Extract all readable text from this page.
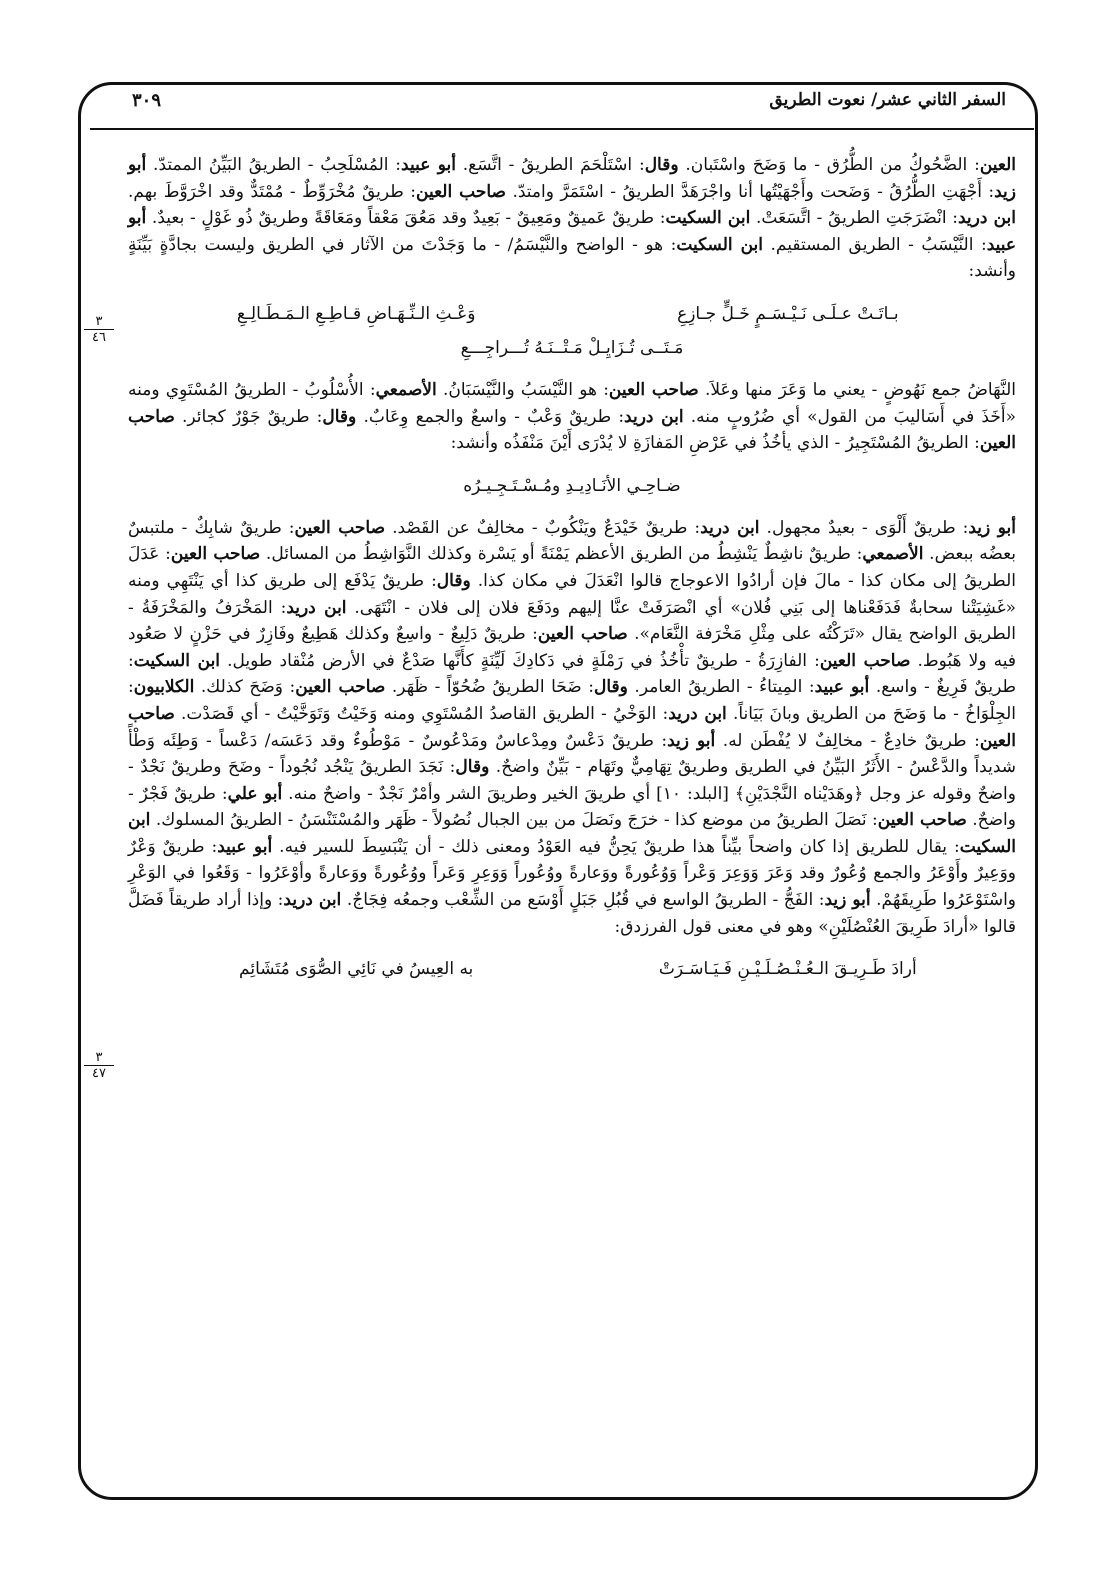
السفر الثاني عشر/ نعوت الطريق
٣٠٩
٣
٤٦
٣
٤٧

العين: الضَّحُوكُ من الطُّرُق - ما وَضَحَ واسْتَبان. وقال: اسْتَلْحَمَ الطريقُ - اتَّسَع. أبو عبيد: المُسْلَحِبُ - الطريقُ البَيِّنُ الممتدّ. أبو زيد: أَجْهَتِ الطُّرُقُ - وَضَحت وأَجْهَيْتُها أنا واجْرَهَدَّ الطريقُ - اسْتَمَرَّ وامتدّ. صاحب العين: طريقٌ مُخْرَوِّطٌ - مُمْتَدٌّ وقد اخْرَوَّطَ بهم. ابن دريد: انْضَرَجَتِ الطريقُ - اتَّسَعَتْ. ابن السكيت: طريقٌ عَميقٌ ومَعِيقٌ - بَعِيدٌ وقد مَعُقَ مَعْقاً ومَعَاقَةً وطريقٌ ذُو غَوْلٍ - بعيدٌ. أبو عبيد: النَّيْسَبُ - الطريق المستقيم. ابن السكيت: هو - الواضح والنَّيْسَمُ/ - ما وَجَدْتَ من الآثار في الطريق وليست بجادَّةٍ بَيِّنَةٍ وأنشد:

بـاتَـتْ عـلَـى نَـيْـسَـمٍ خَـلٍّ جـازِعِ وَعْـثِ الـنِّـهَـاضِ قـاطِـعِ الـمَـطَـالِـعِ
مَـتَــى تُـزَايِـلْ مَـتْــنَـهُ تُـــراجِـــعِ

النَّهَاضُ جمع نَهُوضٍ - يعني ما وَعَرَ منها وعَلاَ. صاحب العين: هو النَّيْسَبُ والنَّيْسَبَانُ. الأصمعي: الأُسْلُوبُ - الطريقُ المُسْتَوِي ومنه «أَخَذَ في أَسَاليبَ من القول» أي ضُرُوبٍ منه. ابن دريد: طريقٌ وَعْبٌ - واسعٌ والجمع وِعَابٌ. وقال: طريقٌ جَوْرٌ كجائر. صاحب العين: الطريقُ المُسْتَجِيرُ - الذي يأخُذُ في عَرْضِ المَفازَةِ لا يُدْرَى أَيْنَ مَنْفَذُه وأنشد:

ضـاحِـي الأنَـادِيـدِ ومُـسْـتَـجِـيـرُه

أبو زيد: طريقٌ أَلْوَى - بعيدٌ مجهول. ابن دريد: طريقٌ خَيْدَعٌ ويَنْكُوبٌ - مخالِفٌ عن القَصْد. صاحب العين: طريقٌ شابِكٌ - ملتبسٌ بعضُه ببعض. الأصمعي: طريقٌ ناشِطٌ يَنْشِطُ من الطريق الأعظم يَمْنَةً أو يَسْرة وكذلك النَّوَاشِطُ من المسائل. صاحب العين: عَدَلَ الطريقُ إلى مكان كذا - مالَ فإن أرادُوا الاعوجاج قالوا انْعَدَلَ في مكان كذا. وقال: طريقٌ يَدْفَع إلى طريق كذا أي يَنْتَهِي ومنه «غَشِيَتْنا سحابةٌ فَدَفَعْناها إلى بَنِي فُلان» أي انْصَرَفَتْ عنَّا إليهم ودَفَعَ فلان إلى فلان - انْتَهَى. ابن دريد: المَخْرَفُ والمَخْرَفَةُ - الطريق الواضح يقال «تَرَكْتُه على مِثْلِ مَخْرَفة النَّعَام». صاحب العين: طريقٌ دَلِيعٌ - واسِعٌ وكذلك هَطِيعٌ وفَازِرٌ في حَزْنٍ لا صَعُود فيه ولا هَبُوط. صاحب العين: الفازِرَةُ - طريقٌ تأْخُذُ في رَمْلَةٍ في دَكادِكَ لَيِّنَةٍ كأَنَّها صَدْعٌ في الأرض مُنْقاد طويل. ابن السكيت: طريقٌ فَرِيغٌ - واسع. أبو عبيد: المِيتاءُ - الطريقُ العامر. وقال: ضَحَا الطريقُ ضُحُوّاً - ظَهَر. صاحب العين: وَضَحَ كذلك. الكلابيون: الجِلْوَاخُ - ما وَضَحَ من الطريق وبانَ بَيَاناً. ابن دريد: الوَخْيُ - الطريق القاصدُ المُسْتَوِي ومنه وَخَيْتُ وَتَوَخَّيْتُ - أي قَصَدْت. صاحب العين: طريقٌ خادِعٌ - مخالِفٌ لا يُفْطَن له. أبو زيد: طريقٌ دَعْسٌ ومِدْعاسٌ ومَدْعُوسٌ - مَوْطُوءٌ وقد دَعَسَه/ دَعْساً - وَطِئَه وَطْأً شديداً والدَّعْسُ - الأَثَرُ البَيِّنُ في الطريق وطريقٌ تِهَامِيٌّ وتَهَام - بَيِّنٌ واضحٌ. وقال: نَجَدَ الطريقُ يَنْجُد نُجُوداً - وضَحَ وطريقٌ نَجْدٌ - واضحٌ وقوله عز وجل ﴿وهَدَيْناه النَّجْدَيْنِ﴾ [البلد: ١٠] أي طريقَ الخير وطريقَ الشر وأمْرٌ نَجْدٌ - واضحٌ منه. أبو علي: طريقٌ فَجْرٌ - واضحٌ. صاحب العين: نَصَلَ الطريقُ من موضع كذا - خرَجَ ونَصَلَ من بين الجبال نُصُولاً - ظَهَر والمُسْتَنْسَنُ - الطريقُ المسلوك. ابن السكيت: يقال للطريق إذا كان واضحاً بيِّناً هذا طريقٌ يَحِنُّ فيه العَوْدُ ومعنى ذلك - أن يَنْبَسِطَ للسير فيه. أبو عبيد: طريقٌ وَعْرٌ ووَعِيرٌ وأَوْعَرُ والجمع وُعُورٌ وقد وَعَرَ وَوَعِرَ وَعْراً وَوُعُورةً ووَعارةً ووُعُوراً وَوَعِرِ وَعَراً ووُعُورةً ووَعارةً وأوْعَرُوا - وَقَعُوا في الوَعْرِ واسْتَوْعَرُوا طَرِيقَهُمْ. أبو زيد: الفَجُّ - الطريقُ الواسع في قُبُلِ جَبَلٍ أَوْسَع من الشِّعْب وجمعُه فِجَاجٌ. ابن دريد: وإذا أراد طريقاً فَضَلَّ قالوا «أرادَ طَرِيقَ العُنْصُلَيْنِ» وهو في معنى قول الفرزدق:

أرادَ طَـرِيـقَ الـعُـنْـصُـلَـيْـنِ فَـيَـاسَـرَتْ به العِيسُ في نَائِي الصُّوَى مُتَشَائِم
